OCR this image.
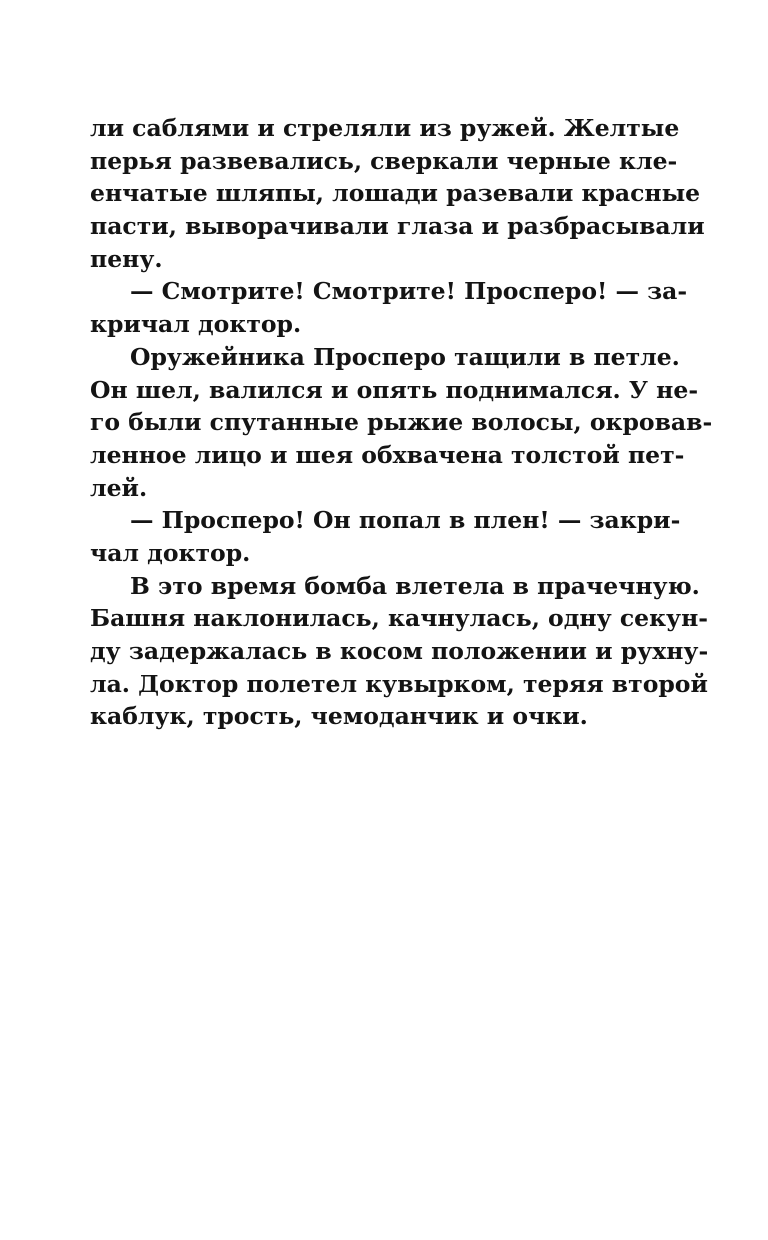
ли саблями и стреляли из ружей. Желтые
перья развевались, сверкали черные кле-
енчатые шляпы, лошади разевали красные
пасти, выворачивали глаза и разбрасывали
пену.
— Смотрите! Смотрите! Просперо! — за-
кричал доктор.
Оружейника Просперо тащили в петле.
Он шел, валился и опять поднимался. У не-
го были спутанные рыжие волосы, окровав-
ленное лицо и шея обхвачена толстой пет-
лей.
— Просперо! Он попал в плен! — закри-
чал доктор.
В это время бомба влетела в прачечную.
Башня наклонилась, качнулась, одну секун-
ду задержалась в косом положении и рухну-
ла. Доктор полетел кувырком, теряя второй
каблук, трость, чемоданчик и очки.
